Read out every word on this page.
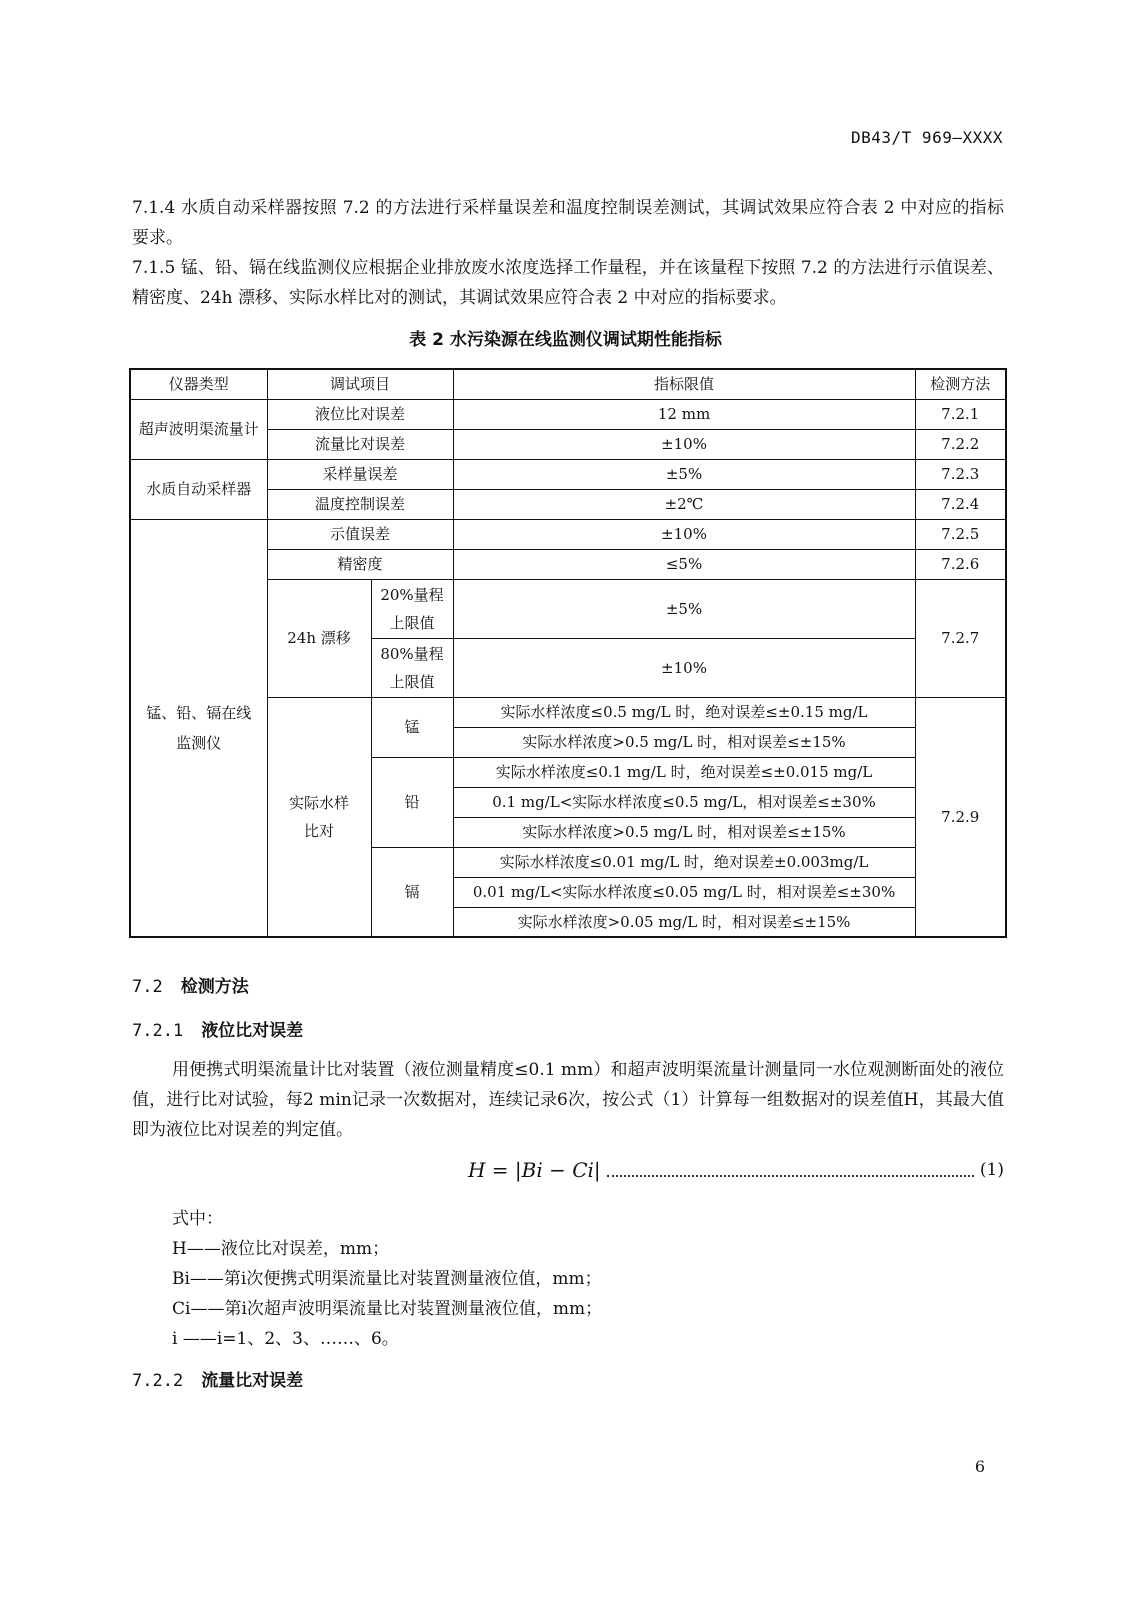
DB43/T 969—XXXX
7.1.4 水质自动采样器按照 7.2 的方法进行采样量误差和温度控制误差测试，其调试效果应符合表 2 中对应的指标要求。
7.1.5 锰、铅、镉在线监测仪应根据企业排放废水浓度选择工作量程，并在该量程下按照 7.2 的方法进行示值误差、精密度、24h 漂移、实际水样比对的测试，其调试效果应符合表 2 中对应的指标要求。
表 2 水污染源在线监测仪调试期性能指标
仪器类型	调试项目		指标限值	检测方法
超声波明渠流量计	液位比对误差		12 mm	7.2.1
	流量比对误差		±10%	7.2.2
水质自动采样器	采样量误差		±5%	7.2.3
	温度控制误差		±2℃	7.2.4
锰、铅、镉在线监测仪	示值误差		±10%	7.2.5
	精密度		≤5%	7.2.6
	24h 漂移	20%量程上限值	±5%	7.2.7

		80%量程上限值	±10%	

	实际水样比对	锰	实际水样浓度≤0.5 mg/L 时，绝对误差≤±0.15 mg/L	7.2.9
			实际水样浓度>0.5 mg/L 时，相对误差≤±15%	
		铅	实际水样浓度≤0.1 mg/L 时，绝对误差≤±0.015 mg/L	
			0.1 mg/L<实际水样浓度≤0.5 mg/L，相对误差≤±30%	
			实际水样浓度>0.5 mg/L 时，相对误差≤±15%	
		镉	实际水样浓度≤0.01 mg/L 时，绝对误差±0.003mg/L	
			0.01 mg/L<实际水样浓度≤0.05 mg/L 时，相对误差≤±30%	
			实际水样浓度>0.05 mg/L 时，相对误差≤±15%	
7.2 检测方法
7.2.1 液位比对误差
用便携式明渠流量计比对装置（液位测量精度≤0.1 mm）和超声波明渠流量计测量同一水位观测断面处的液位值，进行比对试验，每2 min记录一次数据对，连续记录6次，按公式（1）计算每一组数据对的误差值H，其最大值即为液位比对误差的判定值。
H = |Bi − Ci|	(1)
式中：
H——液位比对误差，mm；
Bi——第i次便携式明渠流量比对装置测量液位值，mm；
Ci——第i次超声波明渠流量比对装置测量液位值，mm；
i ——i=1、2、3、……、6。
7.2.2 流量比对误差
6
